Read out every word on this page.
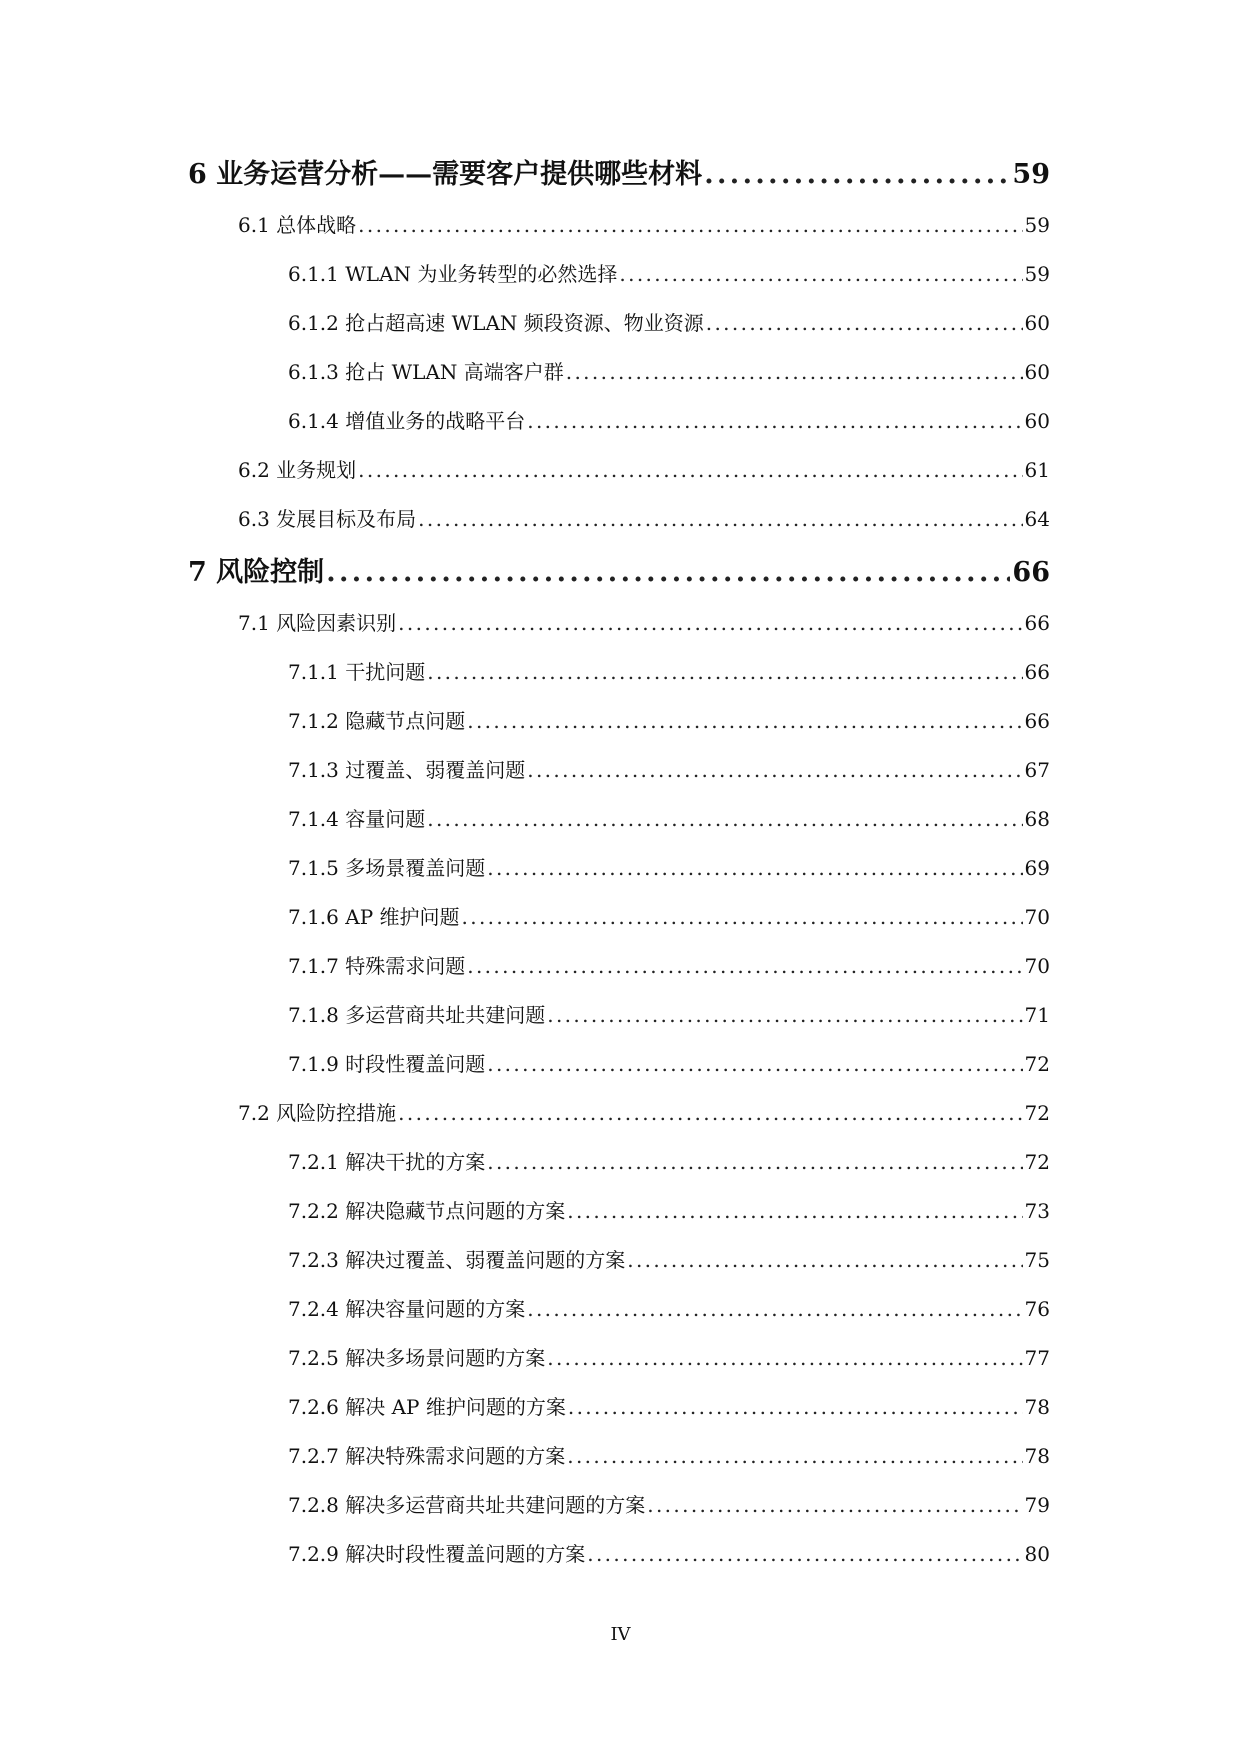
6 业务运营分析——需要客户提供哪些材料 . . .	59
6.1 总体战略 . . .	59
6.1.1 WLAN 为业务转型的必然选择 . . .	59
6.1.2 抢占超高速 WLAN 频段资源、物业资源 . . .	60
6.1.3 抢占 WLAN 高端客户群 . . .	60
6.1.4 增值业务的战略平台 . . .	60
6.2 业务规划 . . .	61
6.3 发展目标及布局 . . .	64
7 风险控制 . . .	66
7.1 风险因素识别 . . .	66
7.1.1 干扰问题 . . .	66
7.1.2 隐藏节点问题 . . .	66
7.1.3 过覆盖、弱覆盖问题 . . .	67
7.1.4 容量问题 . . .	68
7.1.5 多场景覆盖问题 . . .	69
7.1.6 AP 维护问题 . . .	70
7.1.7 特殊需求问题 . . .	70
7.1.8 多运营商共址共建问题 . . .	71
7.1.9 时段性覆盖问题 . . .	72
7.2 风险防控措施 . . .	72
7.2.1 解决干扰的方案 . . .	72
7.2.2 解决隐藏节点问题的方案 . . .	73
7.2.3 解决过覆盖、弱覆盖问题的方案 . . .	75
7.2.4 解决容量问题的方案 . . .	76
7.2.5 解决多场景问题旳方案 . . .	77
7.2.6 解决 AP 维护问题的方案 . . .	78
7.2.7 解决特殊需求问题的方案 . . .	78
7.2.8 解决多运营商共址共建问题的方案 . . .	79
7.2.9 解决时段性覆盖问题的方案 . . .	80
IV
